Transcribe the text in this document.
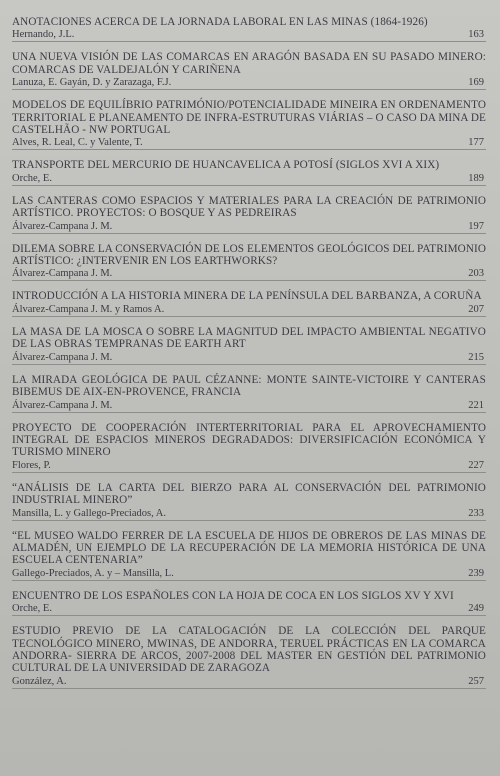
ANOTACIONES ACERCA DE LA JORNADA LABORAL EN LAS MINAS (1864-1926)
Hernando, J.L.	163
UNA NUEVA VISIÓN DE LAS COMARCAS EN ARAGÓN BASADA EN SU PASADO MINERO: COMARCAS DE VALDEJALÓN Y CARIÑENA
Lanuza, E. Gayán, D. y Zarazaga, F.J.	169
MODELOS DE EQUILÍBRIO PATRIMÓNIO/POTENCIALIDADE MINEIRA EN ORDENAMENTO TERRITORIAL E PLANEAMENTO DE INFRA-ESTRUTURAS VIÁRIAS – O CASO DA MINA DE CASTELHÃO - NW PORTUGAL
Alves, R. Leal, C. y Valente, T.	177
TRANSPORTE DEL MERCURIO DE HUANCAVELICA A POTOSÍ (SIGLOS XVI A XIX)
Orche, E.	189
LAS CANTERAS COMO ESPACIOS Y MATERIALES PARA LA CREACIÓN DE PATRIMONIO ARTÍSTICO. PROYECTOS: O BOSQUE Y AS PEDREIRAS
Álvarez-Campana J. M.	197
DILEMA SOBRE LA CONSERVACIÓN DE LOS ELEMENTOS GEOLÓGICOS DEL PATRIMONIO ARTÍSTICO: ¿INTERVENIR EN LOS EARTHWORKS?
Álvarez-Campana J. M.	203
INTRODUCCIÓN A LA HISTORIA MINERA DE LA PENÍNSULA DEL BARBANZA, A CORUÑA
Álvarez-Campana J. M. y Ramos A.	207
LA MASA DE LA MOSCA O SOBRE LA MAGNITUD DEL IMPACTO AMBIENTAL NEGATIVO DE LAS OBRAS TEMPRANAS DE EARTH ART
Álvarez-Campana J. M.	215
LA MIRADA GEOLÓGICA DE PAUL CÉZANNE: MONTE SAINTE-VICTOIRE Y CANTERAS BIBEMUS DE AIX-EN-PROVENCE, FRANCIA
Álvarez-Campana J. M.	221
PROYECTO DE COOPERACIÓN INTERTERRITORIAL PARA EL APROVECHAMIENTO INTEGRAL DE ESPACIOS MINEROS DEGRADADOS: DIVERSIFICACIÓN ECONÓMICA Y TURISMO MINERO
Flores, P.	227
“ANÁLISIS DE LA CARTA DEL BIERZO PARA AL CONSERVACIÓN DEL PATRIMONIO INDUSTRIAL MINERO”
Mansilla, L. y Gallego-Preciados, A.	233
“EL MUSEO WALDO FERRER DE LA ESCUELA DE HIJOS DE OBREROS DE LAS MINAS DE ALMADÉN, UN EJEMPLO DE LA RECUPERACIÓN DE LA MEMORIA HISTÓRICA DE UNA ESCUELA CENTENARIA”
Gallego-Preciados, A. y – Mansilla, L.	239
ENCUENTRO DE LOS ESPAÑOLES CON LA HOJA DE COCA EN LOS SIGLOS XV Y XVI
Orche, E.	249
ESTUDIO PREVIO DE LA CATALOGACIÓN DE LA COLECCIÓN DEL PARQUE TECNOLÓGICO MINERO, MWINAS, DE ANDORRA, TERUEL PRÁCTICAS EN LA COMARCA ANDORRA- SIERRA DE ARCOS, 2007-2008 DEL MASTER EN GESTIÓN DEL PATRIMONIO CULTURAL DE LA UNIVERSIDAD DE ZARAGOZA
González, A.	257
